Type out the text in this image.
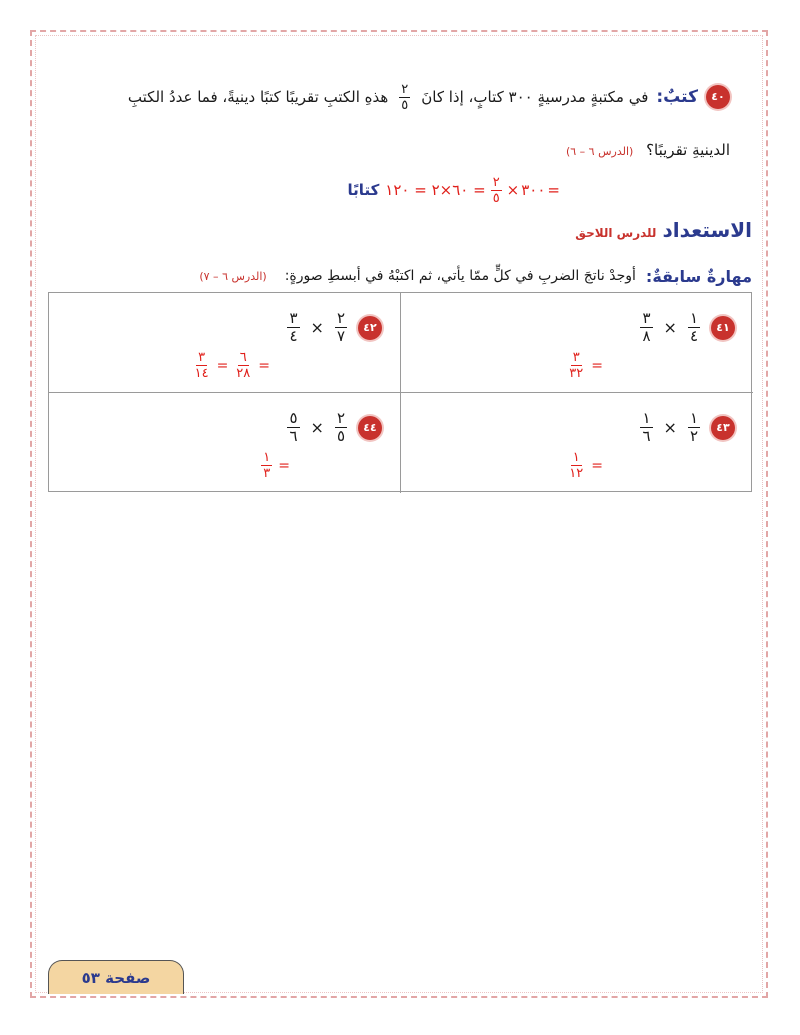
٤٠
كتبٌ:
في مكتبةٍ مدرسيةٍ ٣٠٠ كتابٍ، إذا كانَ
$\frac{٢}{٥}$
هذهِ الكتبِ تقريبًا كتبًا دينيةً، فما عددُ الكتبِ
الدينيةِ تقريبًا؟ (الدرس ٦ – ٦)
=
٣٠٠
×
$\frac{٢}{٥}$
= ٦٠×٢ = ١٢٠
كتابًا
الاستعداد
للدرس اللاحق
مهارةٌ سابقةٌ:
أوجدْ ناتجَ الضربِ في كلٍّ ممّا يأتي، ثم اكتبْهُ في أبسطِ صورةٍ:
(الدرس ٦ – ٧)
٤١
$\frac{١}{٤}$
×
$\frac{٣}{٨}$
=
$\frac{٣}{٣٢}$
٤٢
$\frac{٢}{٧}$
×
$\frac{٣}{٤}$
=
$\frac{٦}{٢٨}$
=
$\frac{٣}{١٤}$
٤٣
$\frac{١}{٢}$
×
$\frac{١}{٦}$
=
$\frac{١}{١٢}$
٤٤
$\frac{٢}{٥}$
×
$\frac{٥}{٦}$
=
$\frac{١}{٣}$
صفحة ٥٣
